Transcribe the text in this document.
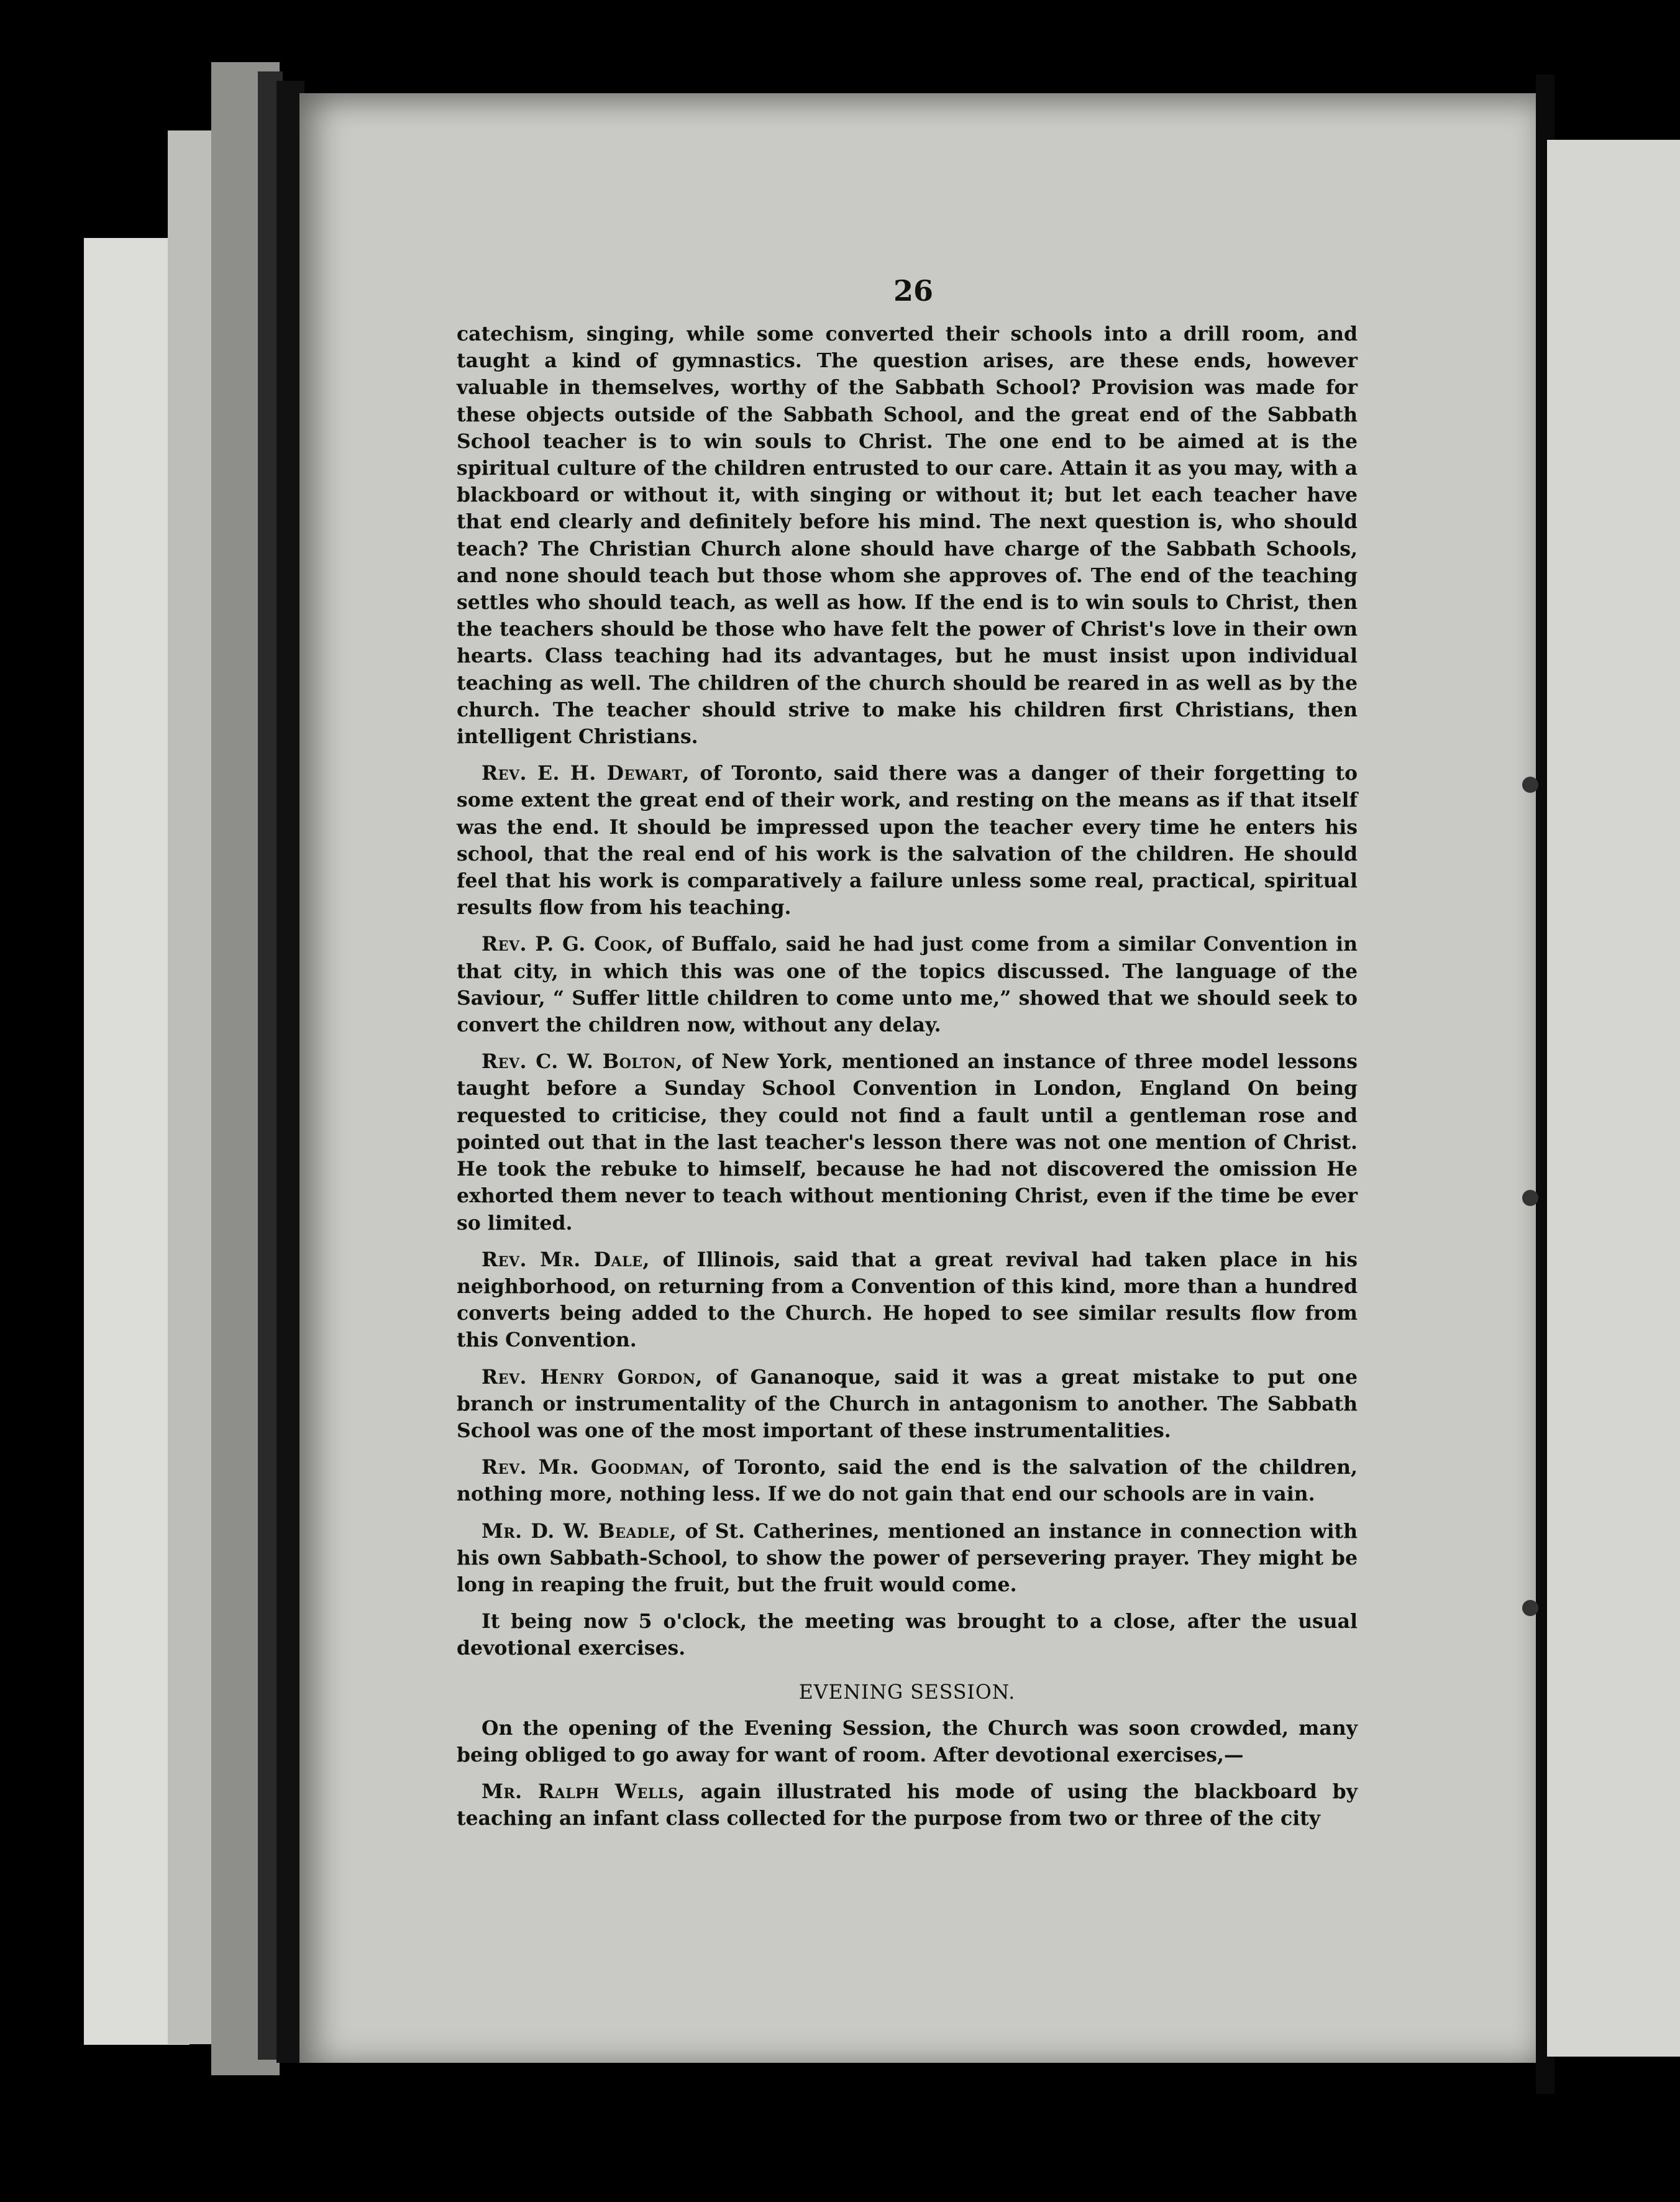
26

catechism, singing, while some converted their schools into a drill room, and taught a kind of gymnastics. The question arises, are these ends, however valuable in themselves, worthy of the Sabbath School? Provision was made for these objects outside of the Sabbath School, and the great end of the Sabbath School teacher is to win souls to Christ. The one end to be aimed at is the spiritual culture of the children entrusted to our care. Attain it as you may, with a blackboard or without it, with singing or without it; but let each teacher have that end clearly and definitely before his mind. The next question is, who should teach? The Christian Church alone should have charge of the Sabbath Schools, and none should teach but those whom she approves of. The end of the teaching settles who should teach, as well as how. If the end is to win souls to Christ, then the teachers should be those who have felt the power of Christ's love in their own hearts. Class teaching had its advantages, but he must insist upon individual teaching as well. The children of the church should be reared in as well as by the church. The teacher should strive to make his children first Christians, then intelligent Christians.

Rev. E. H. Dewart, of Toronto, said there was a danger of their forgetting to some extent the great end of their work, and resting on the means as if that itself was the end. It should be impressed upon the teacher every time he enters his school, that the real end of his work is the salvation of the children. He should feel that his work is comparatively a failure unless some real, practical, spiritual results flow from his teaching.

Rev. P. G. Cook, of Buffalo, said he had just come from a similar Convention in that city, in which this was one of the topics discussed. The language of the Saviour, “ Suffer little children to come unto me,” showed that we should seek to convert the children now, without any delay.

Rev. C. W. Bolton, of New York, mentioned an instance of three model lessons taught before a Sunday School Convention in London, England On being requested to criticise, they could not find a fault until a gentleman rose and pointed out that in the last teacher's lesson there was not one mention of Christ. He took the rebuke to himself, because he had not discovered the omission He exhorted them never to teach without mentioning Christ, even if the time be ever so limited.

Rev. Mr. Dale, of Illinois, said that a great revival had taken place in his neighborhood, on returning from a Convention of this kind, more than a hundred converts being added to the Church. He hoped to see similar results flow from this Convention.

Rev. Henry Gordon, of Gananoque, said it was a great mistake to put one branch or instrumentality of the Church in antagonism to another. The Sabbath School was one of the most important of these instrumentalities.

Rev. Mr. Goodman, of Toronto, said the end is the salvation of the children, nothing more, nothing less. If we do not gain that end our schools are in vain.

Mr. D. W. Beadle, of St. Catherines, mentioned an instance in connection with his own Sabbath-School, to show the power of persevering prayer. They might be long in reaping the fruit, but the fruit would come.

It being now 5 o'clock, the meeting was brought to a close, after the usual devotional exercises.

EVENING SESSION.

On the opening of the Evening Session, the Church was soon crowded, many being obliged to go away for want of room. After devotional exercises,—

Mr. Ralph Wells, again illustrated his mode of using the blackboard by teaching an infant class collected for the purpose from two or three of the city
